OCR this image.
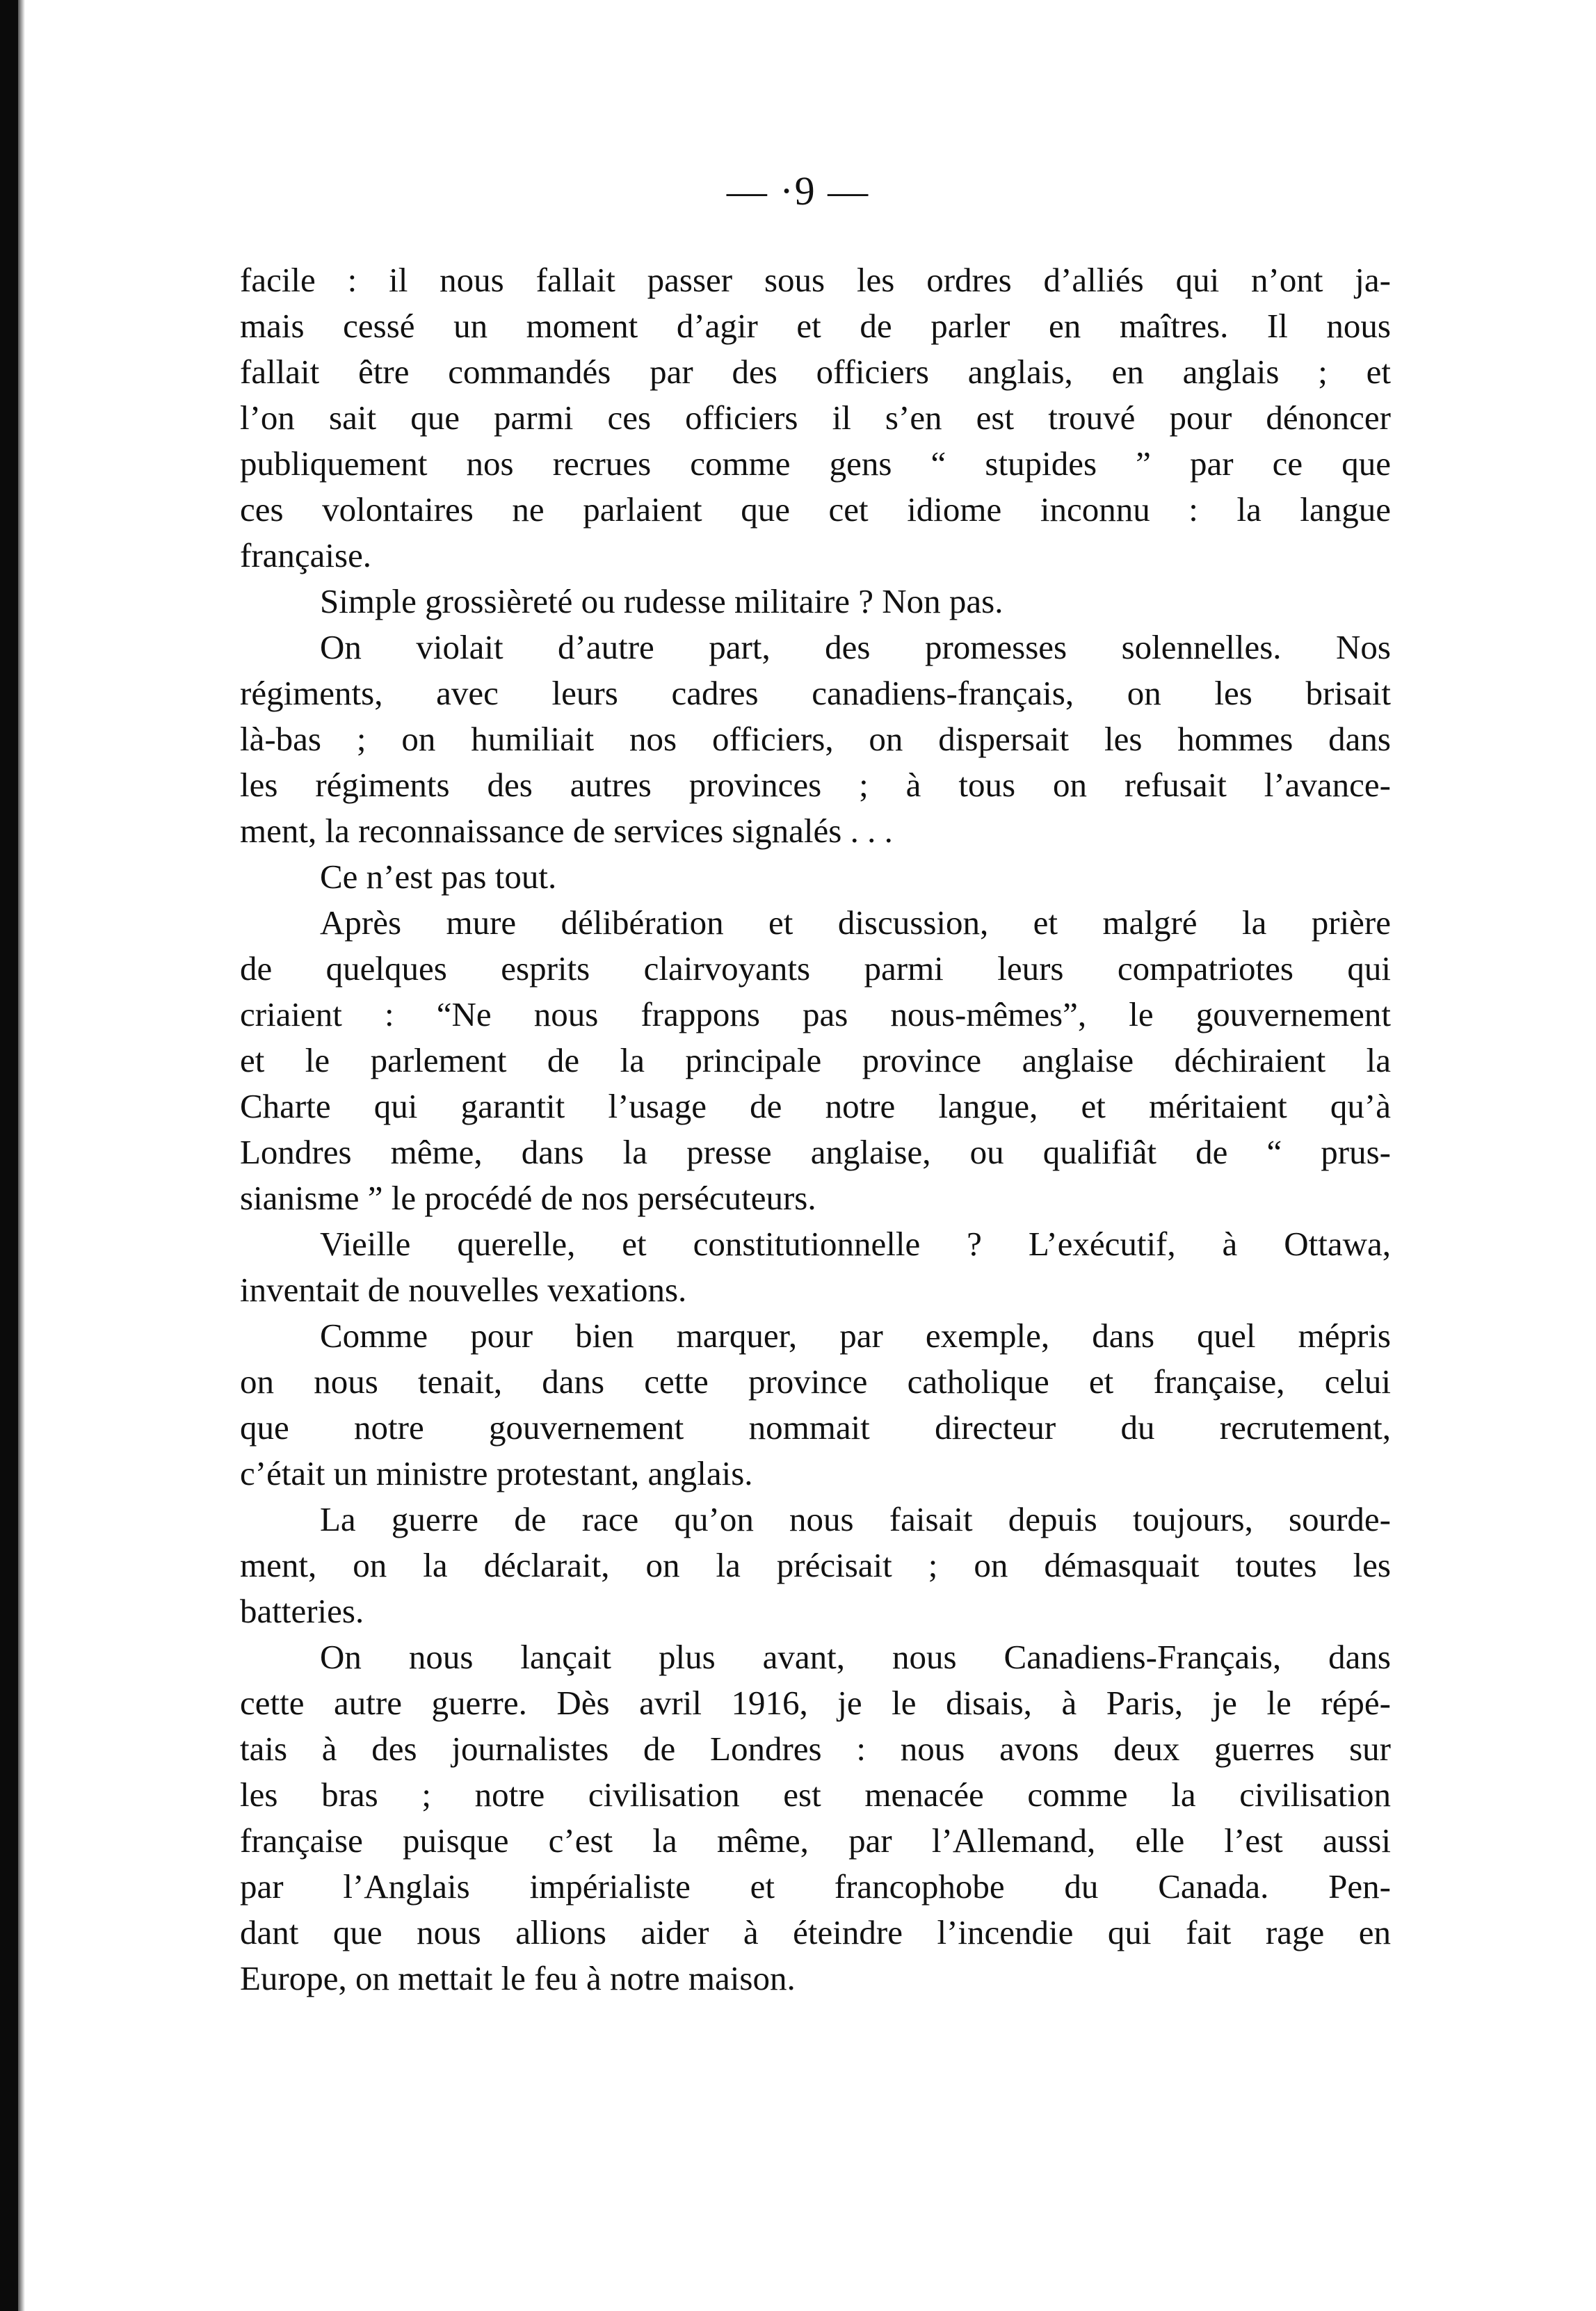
— ·9 —
facile : il nous fallait passer sous les ordres d’alliés qui n’ont ja-
mais cessé un moment d’agir et de parler en maîtres. Il nous
fallait être commandés par des officiers anglais, en anglais ; et
l’on sait que parmi ces officiers il s’en est trouvé pour dénoncer
publiquement nos recrues comme gens “ stupides ” par ce que
ces volontaires ne parlaient que cet idiome inconnu : la langue
française.
Simple grossièreté ou rudesse militaire ? Non pas.
On violait d’autre part, des promesses solennelles. Nos
régiments, avec leurs cadres canadiens-français, on les brisait
là-bas ; on humiliait nos officiers, on dispersait les hommes dans
les régiments des autres provinces ; à tous on refusait l’avance-
ment, la reconnaissance de services signalés . . .
Ce n’est pas tout.
Après mure délibération et discussion, et malgré la prière
de quelques esprits clairvoyants parmi leurs compatriotes qui
criaient : “Ne nous frappons pas nous-mêmes”, le gouvernement
et le parlement de la principale province anglaise déchiraient la
Charte qui garantit l’usage de notre langue, et méritaient qu’à
Londres même, dans la presse anglaise, ou qualifiât de “ prus-
sianisme ” le procédé de nos persécuteurs.
Vieille querelle, et constitutionnelle ? L’exécutif, à Ottawa,
inventait de nouvelles vexations.
Comme pour bien marquer, par exemple, dans quel mépris
on nous tenait, dans cette province catholique et française, celui
que notre gouvernement nommait directeur du recrutement,
c’était un ministre protestant, anglais.
La guerre de race qu’on nous faisait depuis toujours, sourde-
ment, on la déclarait, on la précisait ; on démasquait toutes les
batteries.
On nous lançait plus avant, nous Canadiens-Français, dans
cette autre guerre. Dès avril 1916, je le disais, à Paris, je le répé-
tais à des journalistes de Londres : nous avons deux guerres sur
les bras ; notre civilisation est menacée comme la civilisation
française puisque c’est la même, par l’Allemand, elle l’est aussi
par l’Anglais impérialiste et francophobe du Canada. Pen-
dant que nous allions aider à éteindre l’incendie qui fait rage en
Europe, on mettait le feu à notre maison.
